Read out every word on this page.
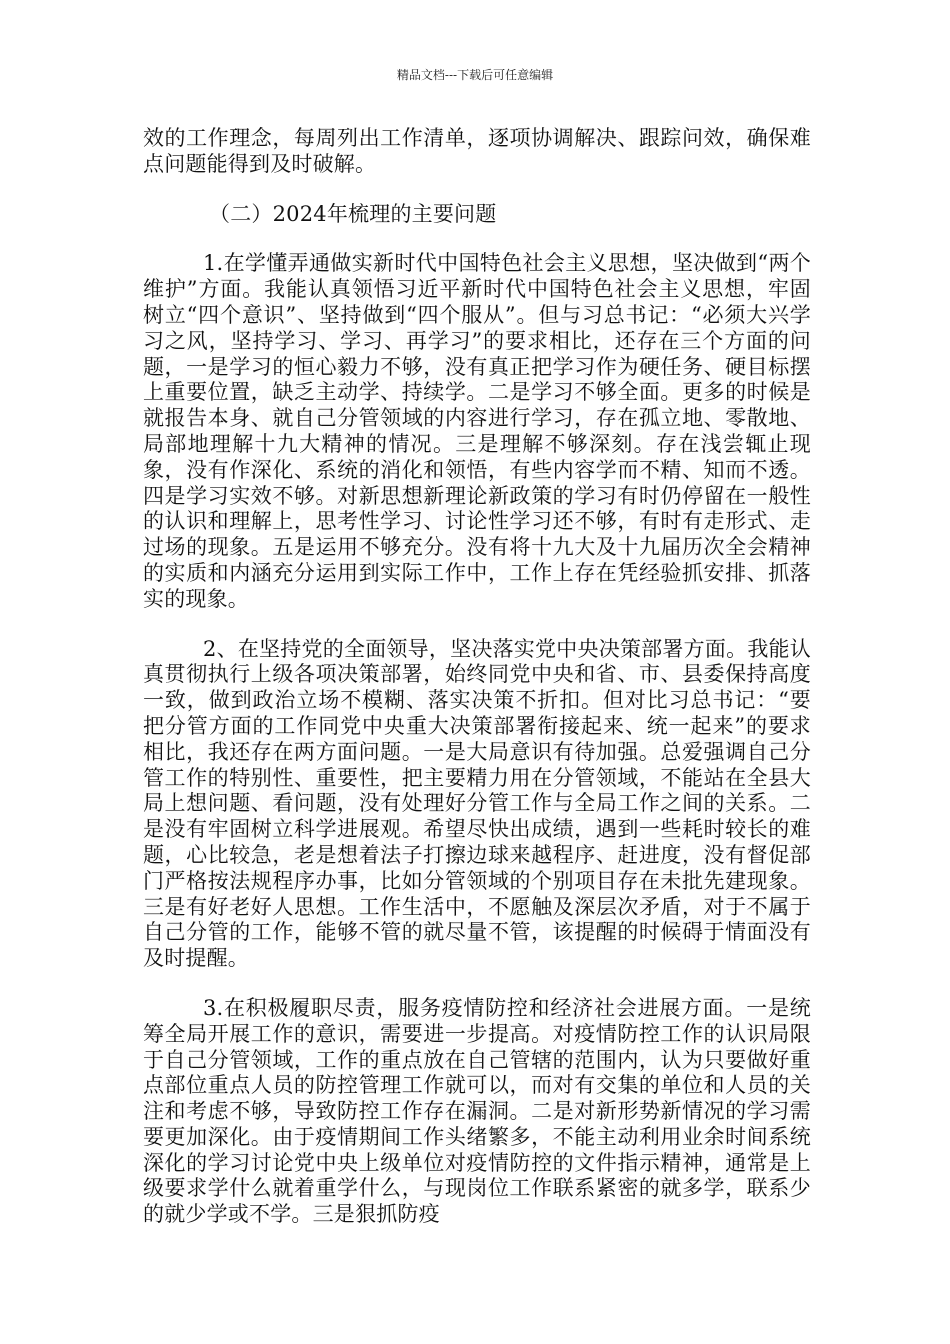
精品文档---下载后可任意编辑

效的工作理念，每周列出工作清单，逐项协调解决、跟踪问效，确保难点问题能得到及时破解。

（二）2024年梳理的主要问题

1.在学懂弄通做实新时代中国特色社会主义思想，坚决做到“两个维护”方面。我能认真领悟习近平新时代中国特色社会主义思想，牢固树立“四个意识”、坚持做到“四个服从”。但与习总书记：“必须大兴学习之风，坚持学习、学习、再学习”的要求相比，还存在三个方面的问题，一是学习的恒心毅力不够，没有真正把学习作为硬任务、硬目标摆上重要位置，缺乏主动学、持续学。二是学习不够全面。更多的时候是就报告本身、就自己分管领域的内容进行学习，存在孤立地、零散地、局部地理解十九大精神的情况。三是理解不够深刻。存在浅尝辄止现象，没有作深化、系统的消化和领悟，有些内容学而不精、知而不透。四是学习实效不够。对新思想新理论新政策的学习有时仍停留在一般性的认识和理解上，思考性学习、讨论性学习还不够，有时有走形式、走过场的现象。五是运用不够充分。没有将十九大及十九届历次全会精神的实质和内涵充分运用到实际工作中，工作上存在凭经验抓安排、抓落实的现象。

2、在坚持党的全面领导，坚决落实党中央决策部署方面。我能认真贯彻执行上级各项决策部署，始终同党中央和省、市、县委保持高度一致，做到政治立场不模糊、落实决策不折扣。但对比习总书记：“要把分管方面的工作同党中央重大决策部署衔接起来、统一起来”的要求相比，我还存在两方面问题。一是大局意识有待加强。总爱强调自己分管工作的特别性、重要性，把主要精力用在分管领域，不能站在全县大局上想问题、看问题，没有处理好分管工作与全局工作之间的关系。二是没有牢固树立科学进展观。希望尽快出成绩，遇到一些耗时较长的难题，心比较急，老是想着法子打擦边球来越程序、赶进度，没有督促部门严格按法规程序办事，比如分管领域的个别项目存在未批先建现象。三是有好老好人思想。工作生活中，不愿触及深层次矛盾，对于不属于自己分管的工作，能够不管的就尽量不管，该提醒的时候碍于情面没有及时提醒。

3.在积极履职尽责，服务疫情防控和经济社会进展方面。一是统筹全局开展工作的意识，需要进一步提高。对疫情防控工作的认识局限于自己分管领域，工作的重点放在自己管辖的范围内，认为只要做好重点部位重点人员的防控管理工作就可以，而对有交集的单位和人员的关注和考虑不够，导致防控工作存在漏洞。二是对新形势新情况的学习需要更加深化。由于疫情期间工作头绪繁多，不能主动利用业余时间系统深化的学习讨论党中央上级单位对疫情防控的文件指示精神，通常是上级要求学什么就着重学什么，与现岗位工作联系紧密的就多学，联系少的就少学或不学。三是狠抓防疫
